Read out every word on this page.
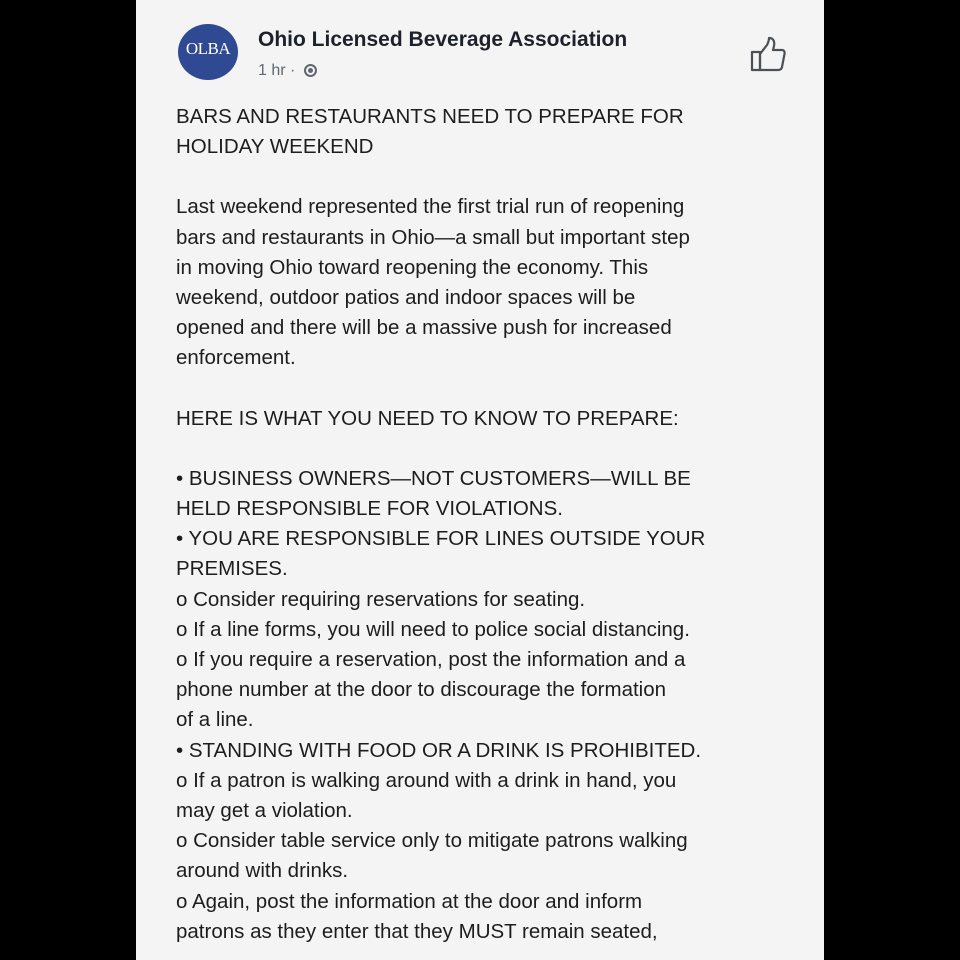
OLBA	Ohio Licensed Beverage Association
1 hr ·

BARS AND RESTAURANTS NEED TO PREPARE FOR

HOLIDAY WEEKEND

Last weekend represented the first trial run of reopening

bars and restaurants in Ohio—a small but important step

in moving Ohio toward reopening the economy. This

weekend, outdoor patios and indoor spaces will be

opened and there will be a massive push for increased

enforcement.

HERE IS WHAT YOU NEED TO KNOW TO PREPARE:

• BUSINESS OWNERS—NOT CUSTOMERS—WILL BE

HELD RESPONSIBLE FOR VIOLATIONS.

• YOU ARE RESPONSIBLE FOR LINES OUTSIDE YOUR

PREMISES.

o Consider requiring reservations for seating.

o If a line forms, you will need to police social distancing.

o If you require a reservation, post the information and a

phone number at the door to discourage the formation

of a line.

• STANDING WITH FOOD OR A DRINK IS PROHIBITED.

o If a patron is walking around with a drink in hand, you

may get a violation.

o Consider table service only to mitigate patrons walking

around with drinks.

o Again, post the information at the door and inform

patrons as they enter that they MUST remain seated,
